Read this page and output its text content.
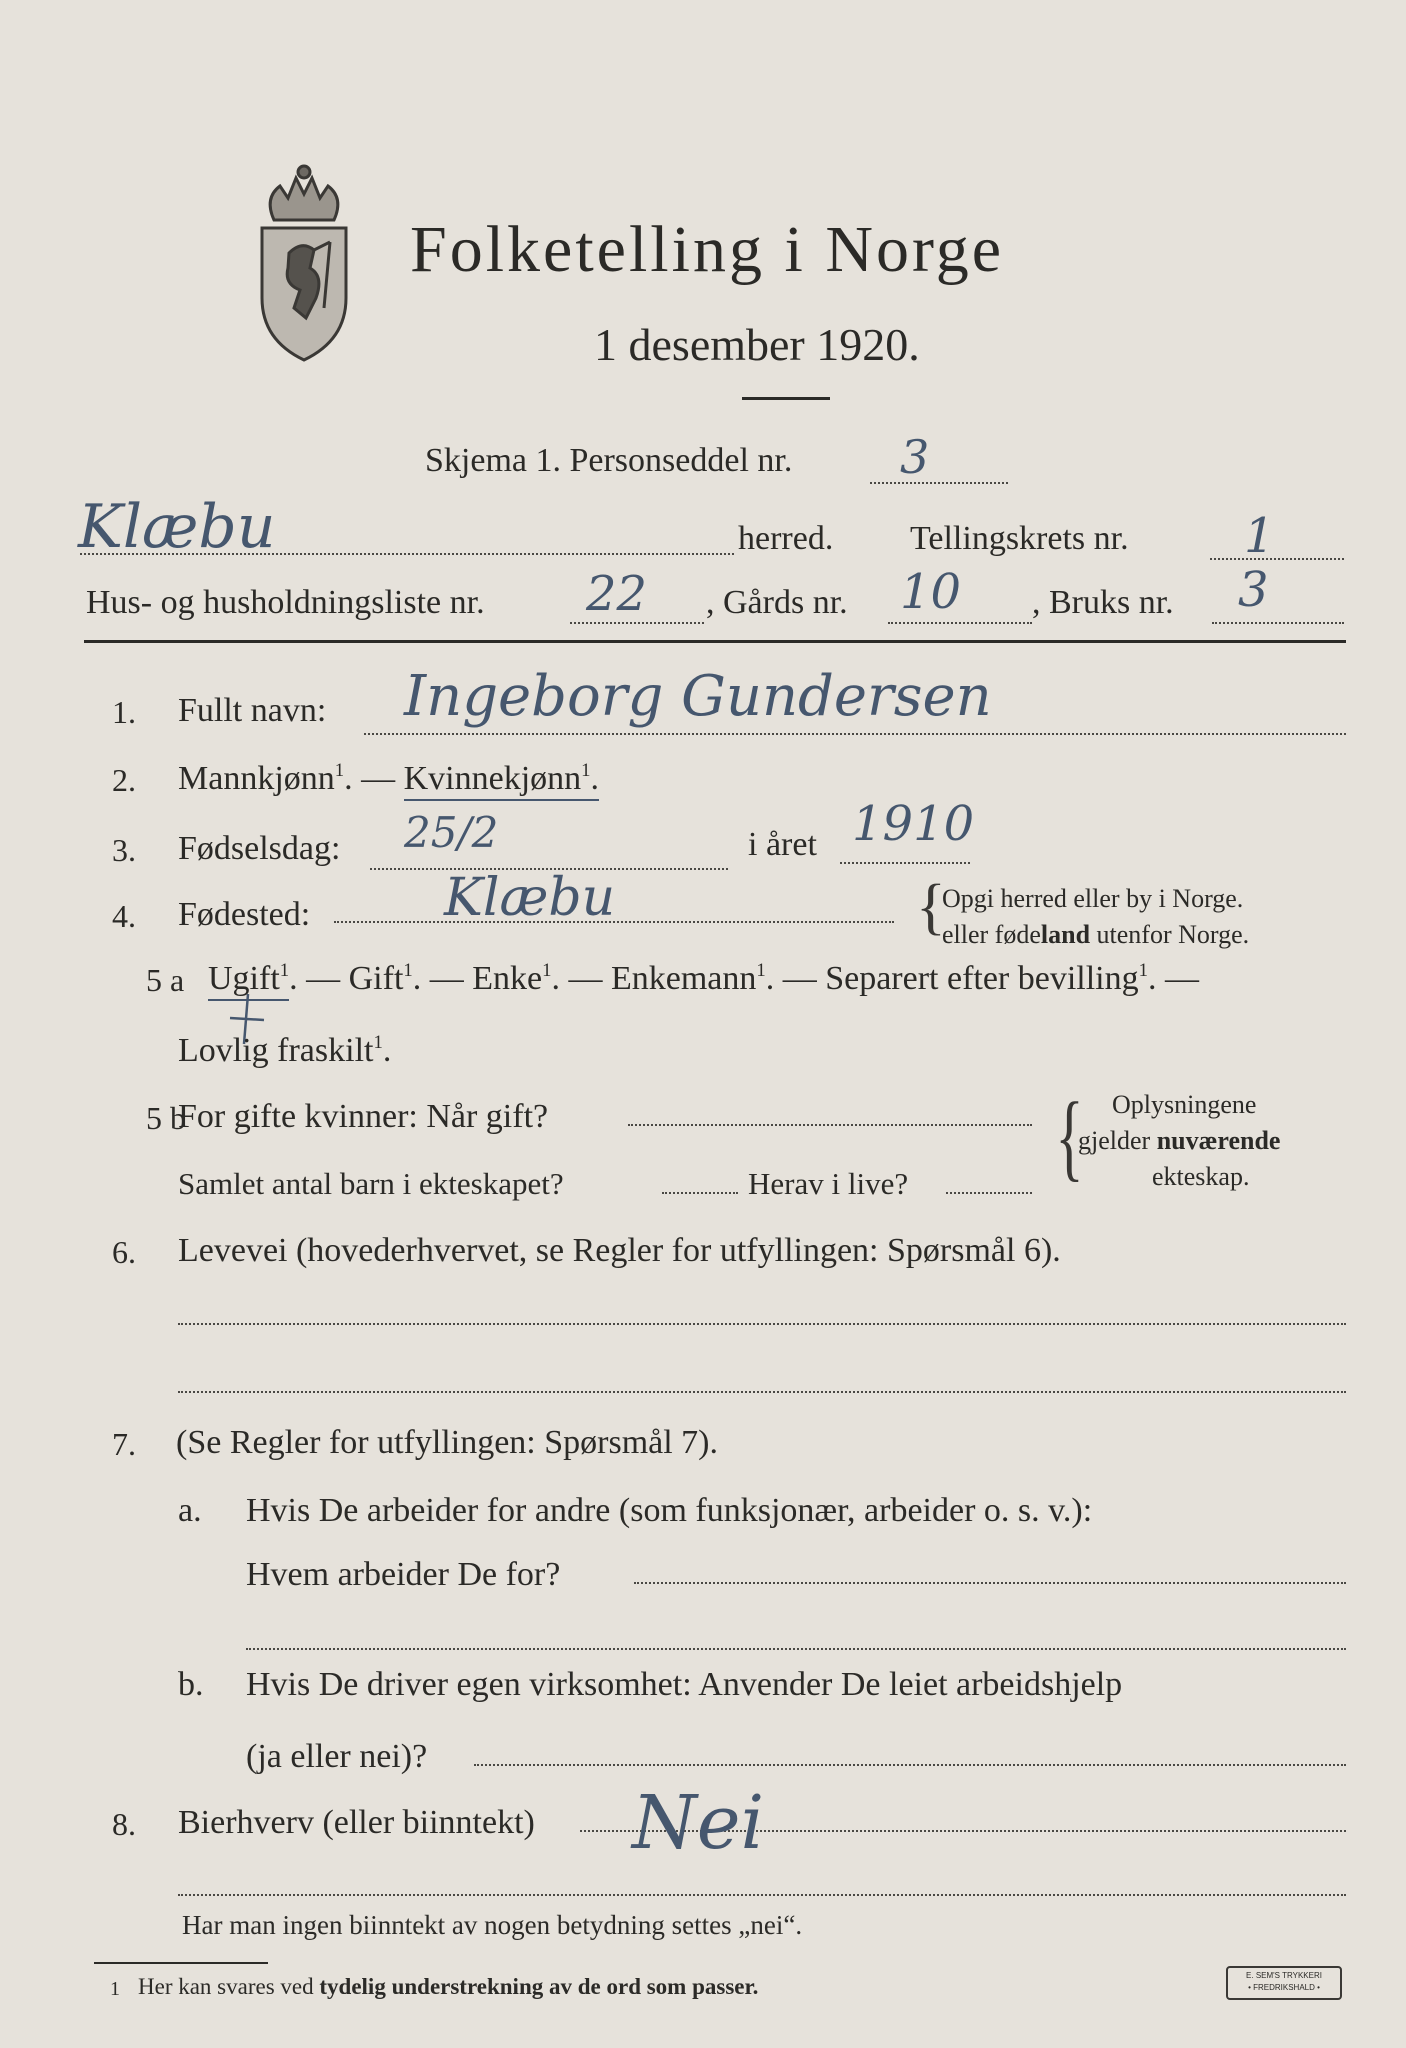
Folketelling i Norge
1 desember 1920.
Skjema 1. Personseddel nr. 3
Klæbu	herred. Tellingskrets nr. 1
Hus- og husholdningsliste nr. 22 , Gårds nr. 10 , Bruks nr. 3
1. Fullt navn: Ingeborg Gundersen
2. Mannkjønn$^1$. — Kvinnekjønn$^1$.
3. Fødselsdag: 25/2	i året 1910
4. Fødested:	Klæbu	{
Opgi herred eller by i Norge.
eller fødeland utenfor Norge.
5 a Ugift$^1$. — Gift$^1$. — Enke$^1$. — Enkemann$^1$. — Separert efter bevilling$^1$. —
Lovlig fraskilt$^1$.
5 b
For gifte kvinner: Når gift?
Samlet antal barn i ekteskapet?	Herav i live? { Oplysningene
gjelder nuværende
ekteskap.
6. Levevei (hovederhvervet, se Regler for utfyllingen: Spørsmål 6).
7. (Se Regler for utfyllingen: Spørsmål 7).
a. Hvis De arbeider for andre (som funksjonær, arbeider o. s. v.):
Hvem arbeider De for?
b. Hvis De driver egen virksomhet: Anvender De leiet arbeidshjelp
(ja eller nei)?
8. Bierhverv (eller biinntekt) Nei
Har man ingen biinntekt av nogen betydning settes „nei“.
1 Her kan svares ved tydelig understrekning av de ord som passer.	E. SEM'S TRYKKERI
• FREDRIKSHALD •
